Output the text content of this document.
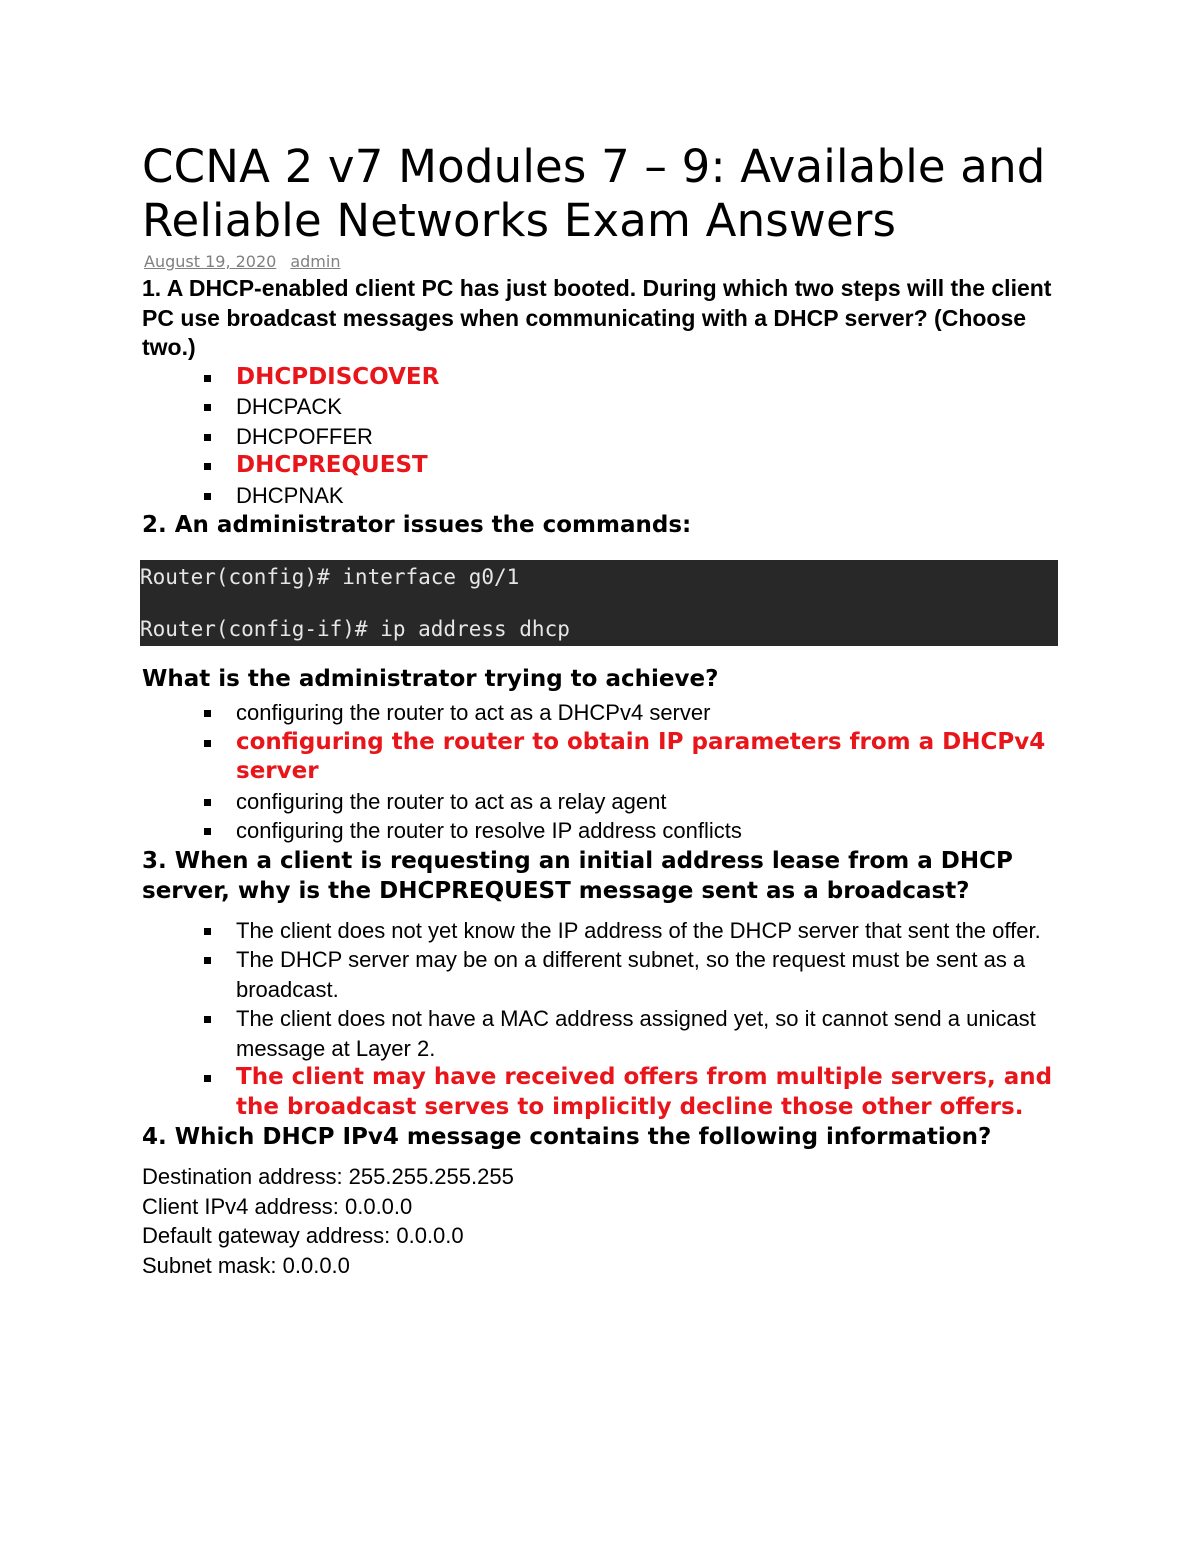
CCNA 2 v7 Modules 7 – 9: Available and Reliable Networks Exam Answers
August 19, 2020 admin

1. A DHCP-enabled client PC has just booted. During which two steps will the client PC use broadcast messages when communicating with a DHCP server? (Choose two.)

DHCPDISCOVER
DHCPACK
DHCPOFFER
DHCPREQUEST
DHCPNAK

2. An administrator issues the commands:

Router(config)# interface g0/1
Router(config-if)# ip address dhcp

What is the administrator trying to achieve?

configuring the router to act as a DHCPv4 server
configuring the router to obtain IP parameters from a DHCPv4 server
configuring the router to act as a relay agent
configuring the router to resolve IP address conflicts

3. When a client is requesting an initial address lease from a DHCP server, why is the DHCPREQUEST message sent as a broadcast?

The client does not yet know the IP address of the DHCP server that sent the offer.
The DHCP server may be on a different subnet, so the request must be sent as a broadcast.
The client does not have a MAC address assigned yet, so it cannot send a unicast message at Layer 2.
The client may have received offers from multiple servers, and the broadcast serves to implicitly decline those other offers.

4. Which DHCP IPv4 message contains the following information?

Destination address: 255.255.255.255
Client IPv4 address: 0.0.0.0
Default gateway address: 0.0.0.0
Subnet mask: 0.0.0.0
